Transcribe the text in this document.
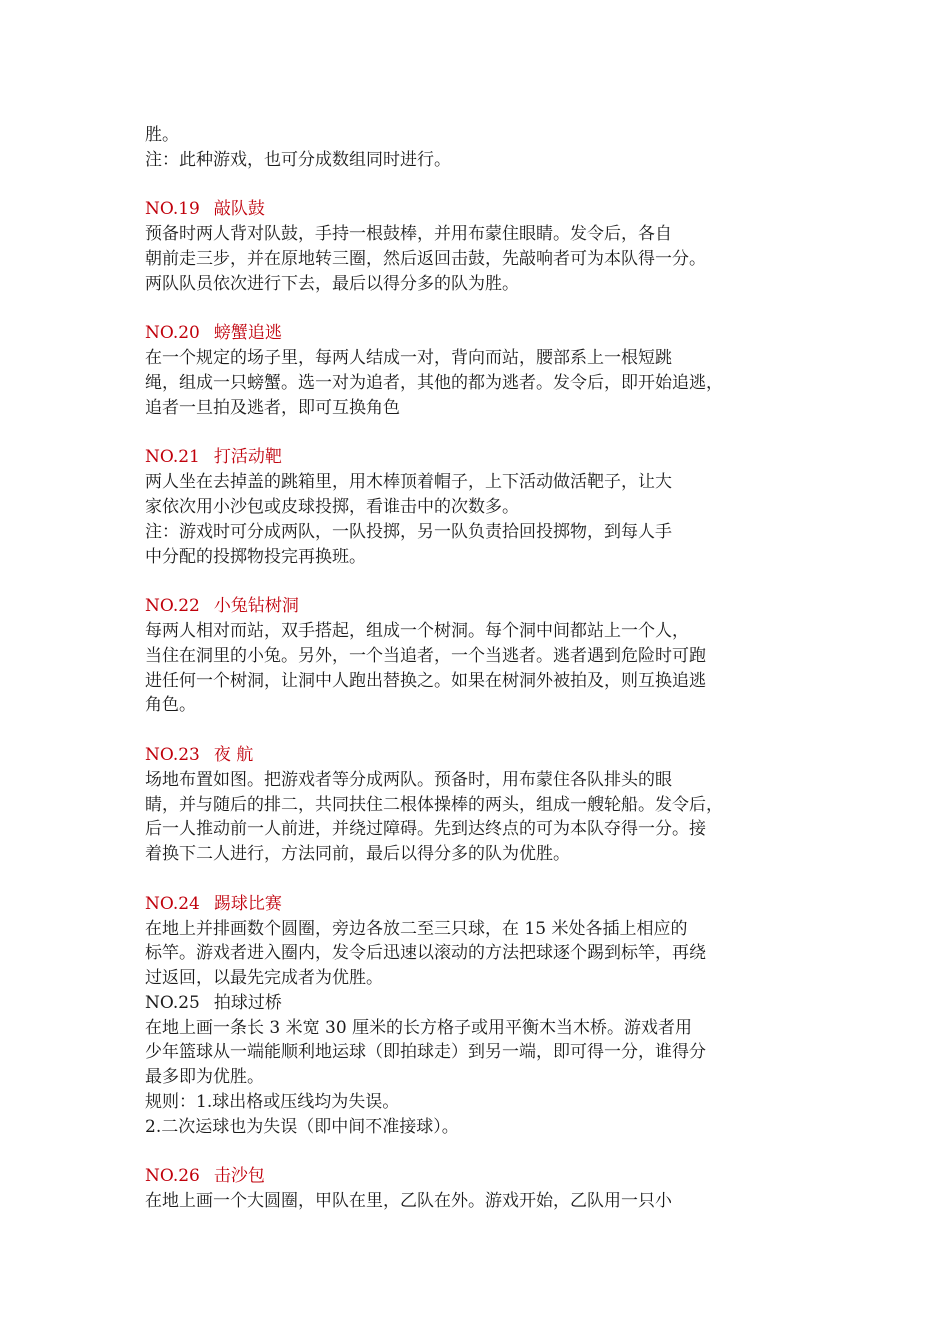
胜。
注：此种游戏，也可分成数组同时进行。
NO.19 敲队鼓
预备时两人背对队鼓，手持一根鼓棒，并用布蒙住眼睛。发令后，各自
朝前走三步，并在原地转三圈，然后返回击鼓，先敲响者可为本队得一分。
两队队员依次进行下去，最后以得分多的队为胜。
NO.20 螃蟹追逃
在一个规定的场子里，每两人结成一对，背向而站，腰部系上一根短跳
绳，组成一只螃蟹。选一对为追者，其他的都为逃者。发令后，即开始追逃，
追者一旦拍及逃者，即可互换角色
NO.21 打活动靶
两人坐在去掉盖的跳箱里，用木棒顶着帽子，上下活动做活靶子，让大
家依次用小沙包或皮球投掷，看谁击中的次数多。
注：游戏时可分成两队，一队投掷，另一队负责拾回投掷物，到每人手
中分配的投掷物投完再换班。
NO.22 小兔钻树洞
每两人相对而站，双手搭起，组成一个树洞。每个洞中间都站上一个人，
当住在洞里的小兔。另外，一个当追者，一个当逃者。逃者遇到危险时可跑
进任何一个树洞，让洞中人跑出替换之。如果在树洞外被拍及，则互换追逃
角色。
NO.23 夜 航
场地布置如图。把游戏者等分成两队。预备时，用布蒙住各队排头的眼
睛，并与随后的排二，共同扶住二根体操棒的两头，组成一艘轮船。发令后，
后一人推动前一人前进，并绕过障碍。先到达终点的可为本队夺得一分。接
着换下二人进行，方法同前，最后以得分多的队为优胜。
NO.24 踢球比赛
在地上并排画数个圆圈，旁边各放二至三只球，在 15 米处各插上相应的
标竿。游戏者进入圈内，发令后迅速以滚动的方法把球逐个踢到标竿，再绕
过返回，以最先完成者为优胜。
NO.25 拍球过桥
在地上画一条长 3 米宽 30 厘米的长方格子或用平衡木当木桥。游戏者用
少年篮球从一端能顺利地运球（即拍球走）到另一端，即可得一分，谁得分
最多即为优胜。
规则：1.球出格或压线均为失误。
2.二次运球也为失误（即中间不准接球）。
NO.26 击沙包
在地上画一个大圆圈，甲队在里，乙队在外。游戏开始，乙队用一只小
